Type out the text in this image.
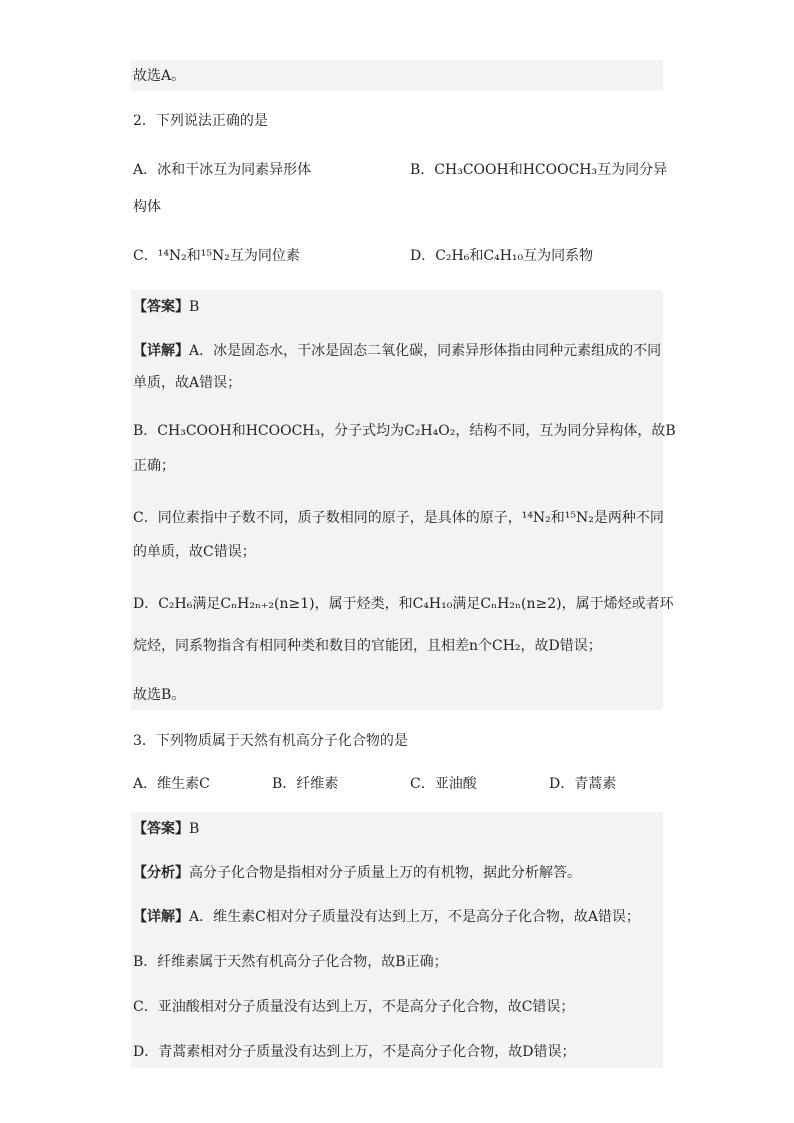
故选A。
2．下列说法正确的是
A．冰和干冰互为同素异形体	B．CH₃COOH和HCOOCH₃互为同分异
构体
C．¹⁴N₂和¹⁵N₂互为同位素	D．C₂H₆和C₄H₁₀互为同系物
【答案】B
【详解】A．冰是固态水，干冰是固态二氧化碳，同素异形体指由同种元素组成的不同
单质，故A错误；
B．CH₃COOH和HCOOCH₃，分子式均为C₂H₄O₂，结构不同，互为同分异构体，故B
正确；
C．同位素指中子数不同，质子数相同的原子，是具体的原子，¹⁴N₂和¹⁵N₂是两种不同
的单质，故C错误；
D．C₂H₆满足CₙH₂ₙ₊₂(n≥1)，属于烃类，和C₄H₁₀满足CₙH₂ₙ(n≥2)，属于烯烃或者环
烷烃，同系物指含有相同种类和数目的官能团，且相差n个CH₂，故D错误；
故选B。
3．下列物质属于天然有机高分子化合物的是
A．维生素C	B．纤维素	C．亚油酸	D．青蒿素
【答案】B
【分析】高分子化合物是指相对分子质量上万的有机物，据此分析解答。
【详解】A．维生素C相对分子质量没有达到上万，不是高分子化合物，故A错误；
B．纤维素属于天然有机高分子化合物，故B正确；
C．亚油酸相对分子质量没有达到上万，不是高分子化合物，故C错误；
D．青蒿素相对分子质量没有达到上万，不是高分子化合物，故D错误；
